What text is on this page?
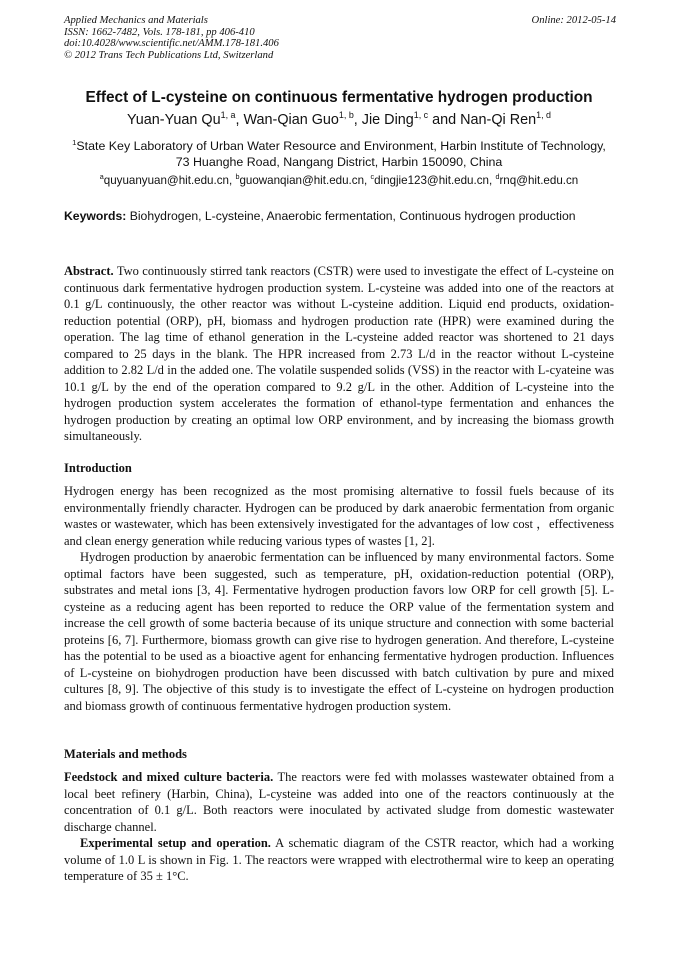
Applied Mechanics and Materials
ISSN: 1662-7482, Vols. 178-181, pp 406-410
doi:10.4028/www.scientific.net/AMM.178-181.406
© 2012 Trans Tech Publications Ltd, Switzerland
Online: 2012-05-14
Effect of L-cysteine on continuous fermentative hydrogen production
Yuan-Yuan Qu$^{1, a}$, Wan-Qian Guo$^{1, b}$, Jie Ding$^{1, c}$ and Nan-Qi Ren$^{1, d}$
$^1$State Key Laboratory of Urban Water Resource and Environment, Harbin Institute of Technology,
73 Huanghe Road, Nangang District, Harbin 150090, China
$^a$quyuanyuan@hit.edu.cn, $^b$guowanqian@hit.edu.cn, $^c$dingjie123@hit.edu.cn, $^d$rnq@hit.edu.cn
Keywords: Biohydrogen, L-cysteine, Anaerobic fermentation, Continuous hydrogen production

Abstract. Two continuously stirred tank reactors (CSTR) were used to investigate the effect of L-cysteine on continuous dark fermentative hydrogen production system. L-cysteine was added into one of the reactors at 0.1 g/L continuously, the other reactor was without L-cysteine addition. Liquid end products, oxidation-reduction potential (ORP), pH, biomass and hydrogen production rate (HPR) were examined during the operation. The lag time of ethanol generation in the L-cysteine added reactor was shortened to 21 days compared to 25 days in the blank. The HPR increased from 2.73 L/d in the reactor without L-cysteine addition to 2.82 L/d in the added one. The volatile suspended solids (VSS) in the reactor with L-cyateine was 10.1 g/L by the end of the operation compared to 9.2 g/L in the other. Addition of L-cysteine into the hydrogen production system accelerates the formation of ethanol-type fermentation and enhances the hydrogen production by creating an optimal low ORP environment, and by increasing the biomass growth simultaneously.

Introduction

Hydrogen energy has been recognized as the most promising alternative to fossil fuels because of its environmentally friendly character. Hydrogen can be produced by dark anaerobic fermentation from organic wastes or wastewater, which has been extensively investigated for the advantages of low cost ，effectiveness and clean energy generation while reducing various types of wastes [1, 2].

Hydrogen production by anaerobic fermentation can be influenced by many environmental factors. Some optimal factors have been suggested, such as temperature, pH, oxidation-reduction potential (ORP), substrates and metal ions [3, 4]. Fermentative hydrogen production favors low ORP for cell growth [5]. L-cysteine as a reducing agent has been reported to reduce the ORP value of the fermentation system and increase the cell growth of some bacteria because of its unique structure and connection with some bacterial proteins [6, 7]. Furthermore, biomass growth can give rise to hydrogen generation. And therefore, L-cysteine has the potential to be used as a bioactive agent for enhancing fermentative hydrogen production. Influences of L-cysteine on biohydrogen production have been discussed with batch cultivation by pure and mixed cultures [8, 9]. The objective of this study is to investigate the effect of L-cysteine on hydrogen production and biomass growth of continuous fermentative hydrogen production system.

Materials and methods

Feedstock and mixed culture bacteria. The reactors were fed with molasses wastewater obtained from a local beet refinery (Harbin, China), L-cysteine was added into one of the reactors continuously at the concentration of 0.1 g/L. Both reactors were inoculated by activated sludge from domestic wastewater discharge channel.

Experimental setup and operation. A schematic diagram of the CSTR reactor, which had a working volume of 1.0 L is shown in Fig. 1. The reactors were wrapped with electrothermal wire to keep an operating temperature of 35 ± 1°C.
